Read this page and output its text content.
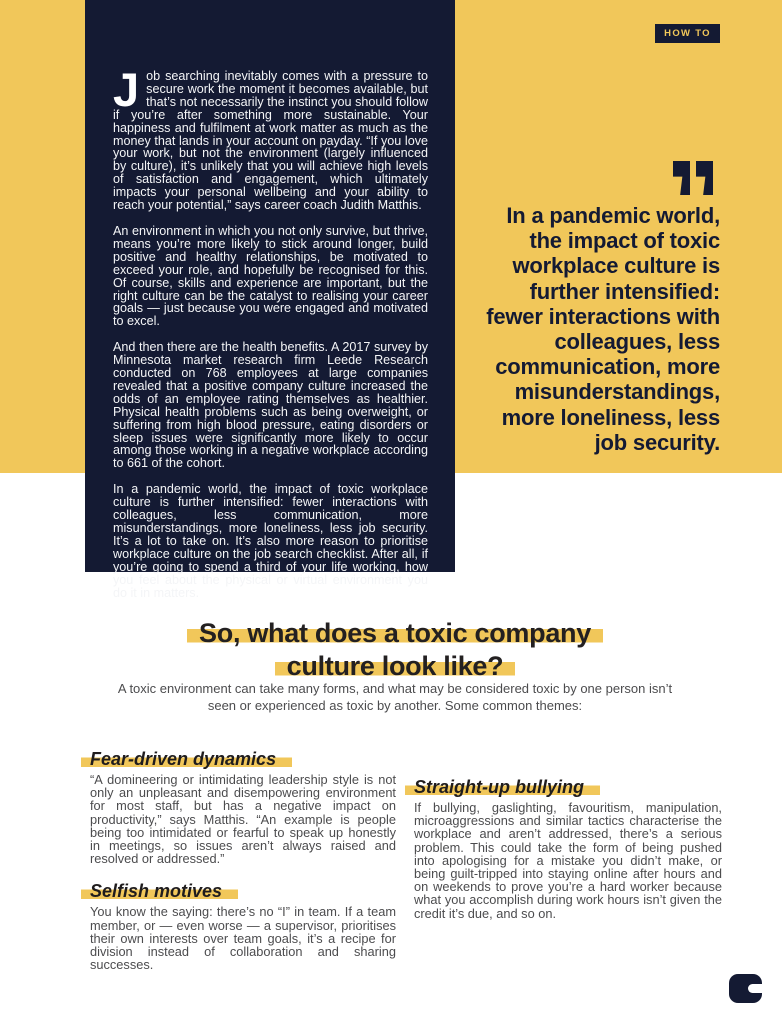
HOW TO

Job searching inevitably comes with a pressure to secure work the moment it becomes available, but that’s not necessarily the instinct you should follow if you’re after something more sustainable. Your happiness and fulfilment at work matter as much as the money that lands in your account on payday. “If you love your work, but not the environment (largely influenced by culture), it’s unlikely that you will achieve high levels of satisfaction and engagement, which ultimately impacts your personal wellbeing and your ability to reach your potential,” says career coach Judith Matthis.

An environment in which you not only survive, but thrive, means you’re more likely to stick around longer, build positive and healthy relationships, be motivated to exceed your role, and hopefully be recognised for this. Of course, skills and experience are important, but the right culture can be the catalyst to realising your career goals — just because you were engaged and motivated to excel.

And then there are the health benefits. A 2017 survey by Minnesota market research firm Leede Research conducted on 768 employees at large companies revealed that a positive company culture increased the odds of an employee rating themselves as healthier. Physical health problems such as being overweight, or suffering from high blood pressure, eating disorders or sleep issues were significantly more likely to occur among those working in a negative workplace according to 661 of the cohort.

In a pandemic world, the impact of toxic workplace culture is further intensified: fewer interactions with colleagues, less communication, more misunderstandings, more loneliness, less job security. It’s a lot to take on. It’s also more reason to prioritise workplace culture on the job search checklist. After all, if you’re going to spend a third of your life working, how you feel about the physical or virtual environment you do it in matters.

In a pandemic world, the impact of toxic workplace culture is further intensified: fewer interactions with colleagues, less communication, more misunderstandings, more loneliness, less job security.
So, what does a toxic company
culture look like?
A toxic environment can take many forms, and what may be considered toxic by one person isn’t seen or experienced as toxic by another. Some common themes:
Fear-driven dynamics

“A domineering or intimidating leadership style is not only an unpleasant and disempowering environment for most staff, but has a negative impact on productivity,” says Matthis. “An example is people being too intimidated or fearful to speak up honestly in meetings, so issues aren’t always raised and resolved or addressed.”

Selfish motives

You know the saying: there’s no “I” in team. If a team member, or — even worse — a supervisor, prioritises their own interests over team goals, it’s a recipe for division instead of collaboration and sharing successes.

Straight-up bullying

If bullying, gaslighting, favouritism, manipulation, microaggressions and similar tactics characterise the workplace and aren’t addressed, there’s a serious problem. This could take the form of being pushed into apologising for a mistake you didn’t make, or being guilt-tripped into staying online after hours and on weekends to prove you’re a hard worker because what you accomplish during work hours isn’t given the credit it’s due, and so on.
